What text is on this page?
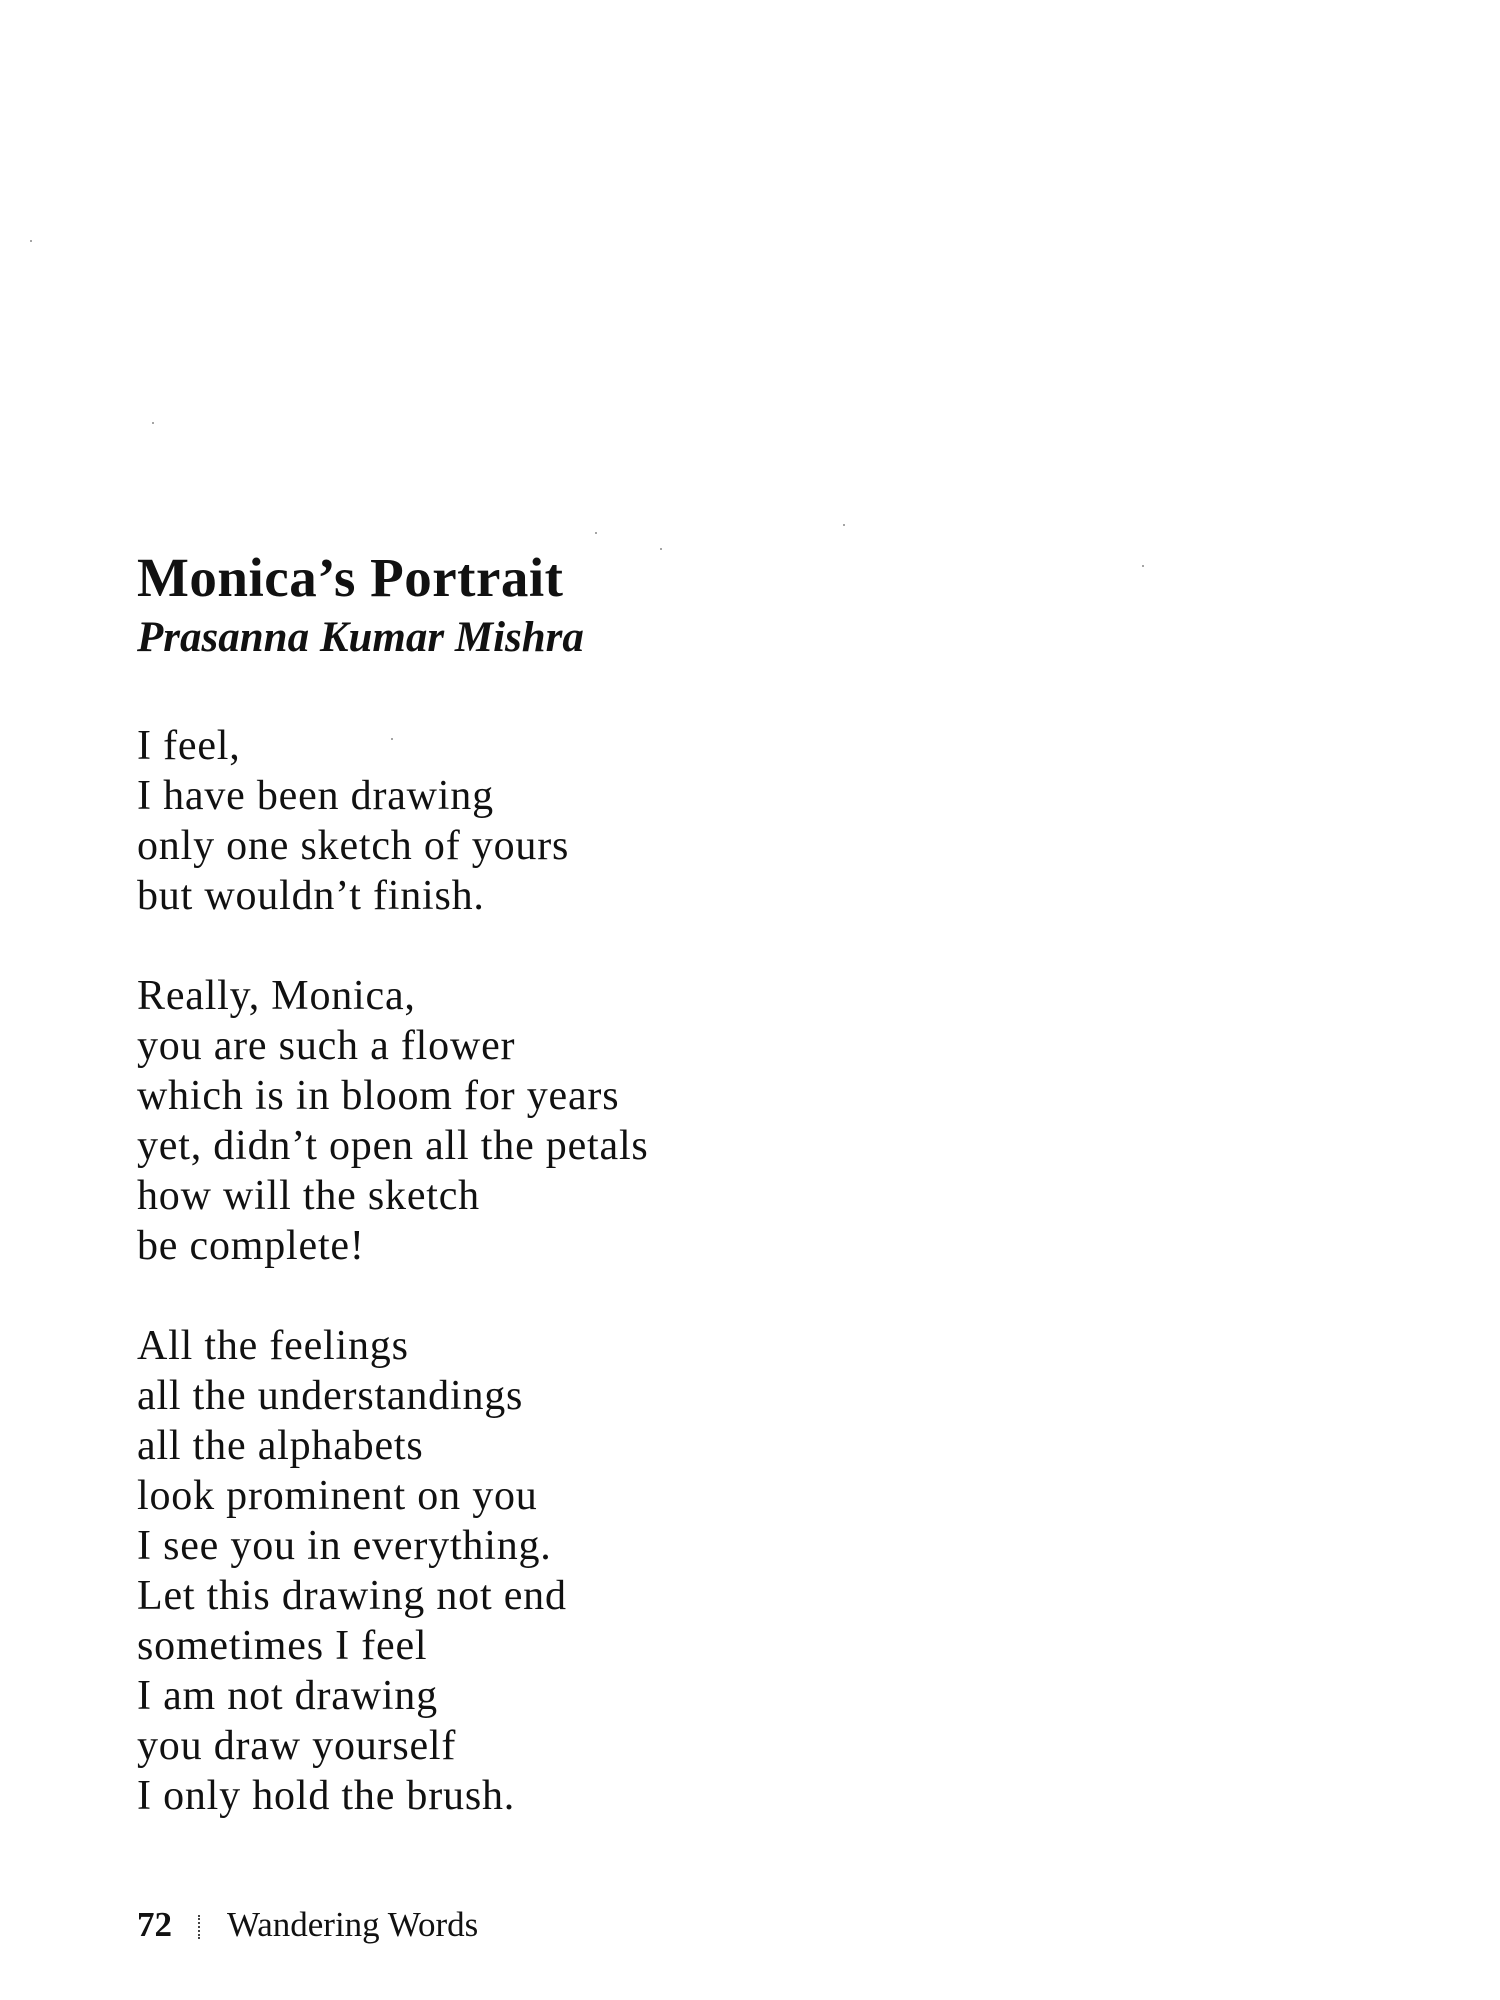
Monica’s Portrait
Prasanna Kumar Mishra
I feel,
I have been drawing
only one sketch of yours
but wouldn’t finish.
Really, Monica,
you are such a flower
which is in bloom for years
yet, didn’t open all the petals
how will the sketch
be complete!
All the feelings
all the understandings
all the alphabets
look prominent on you
I see you in everything.
Let this drawing not end
sometimes I feel
I am not drawing
you draw yourself
I only hold the brush.
72 Wandering Words
